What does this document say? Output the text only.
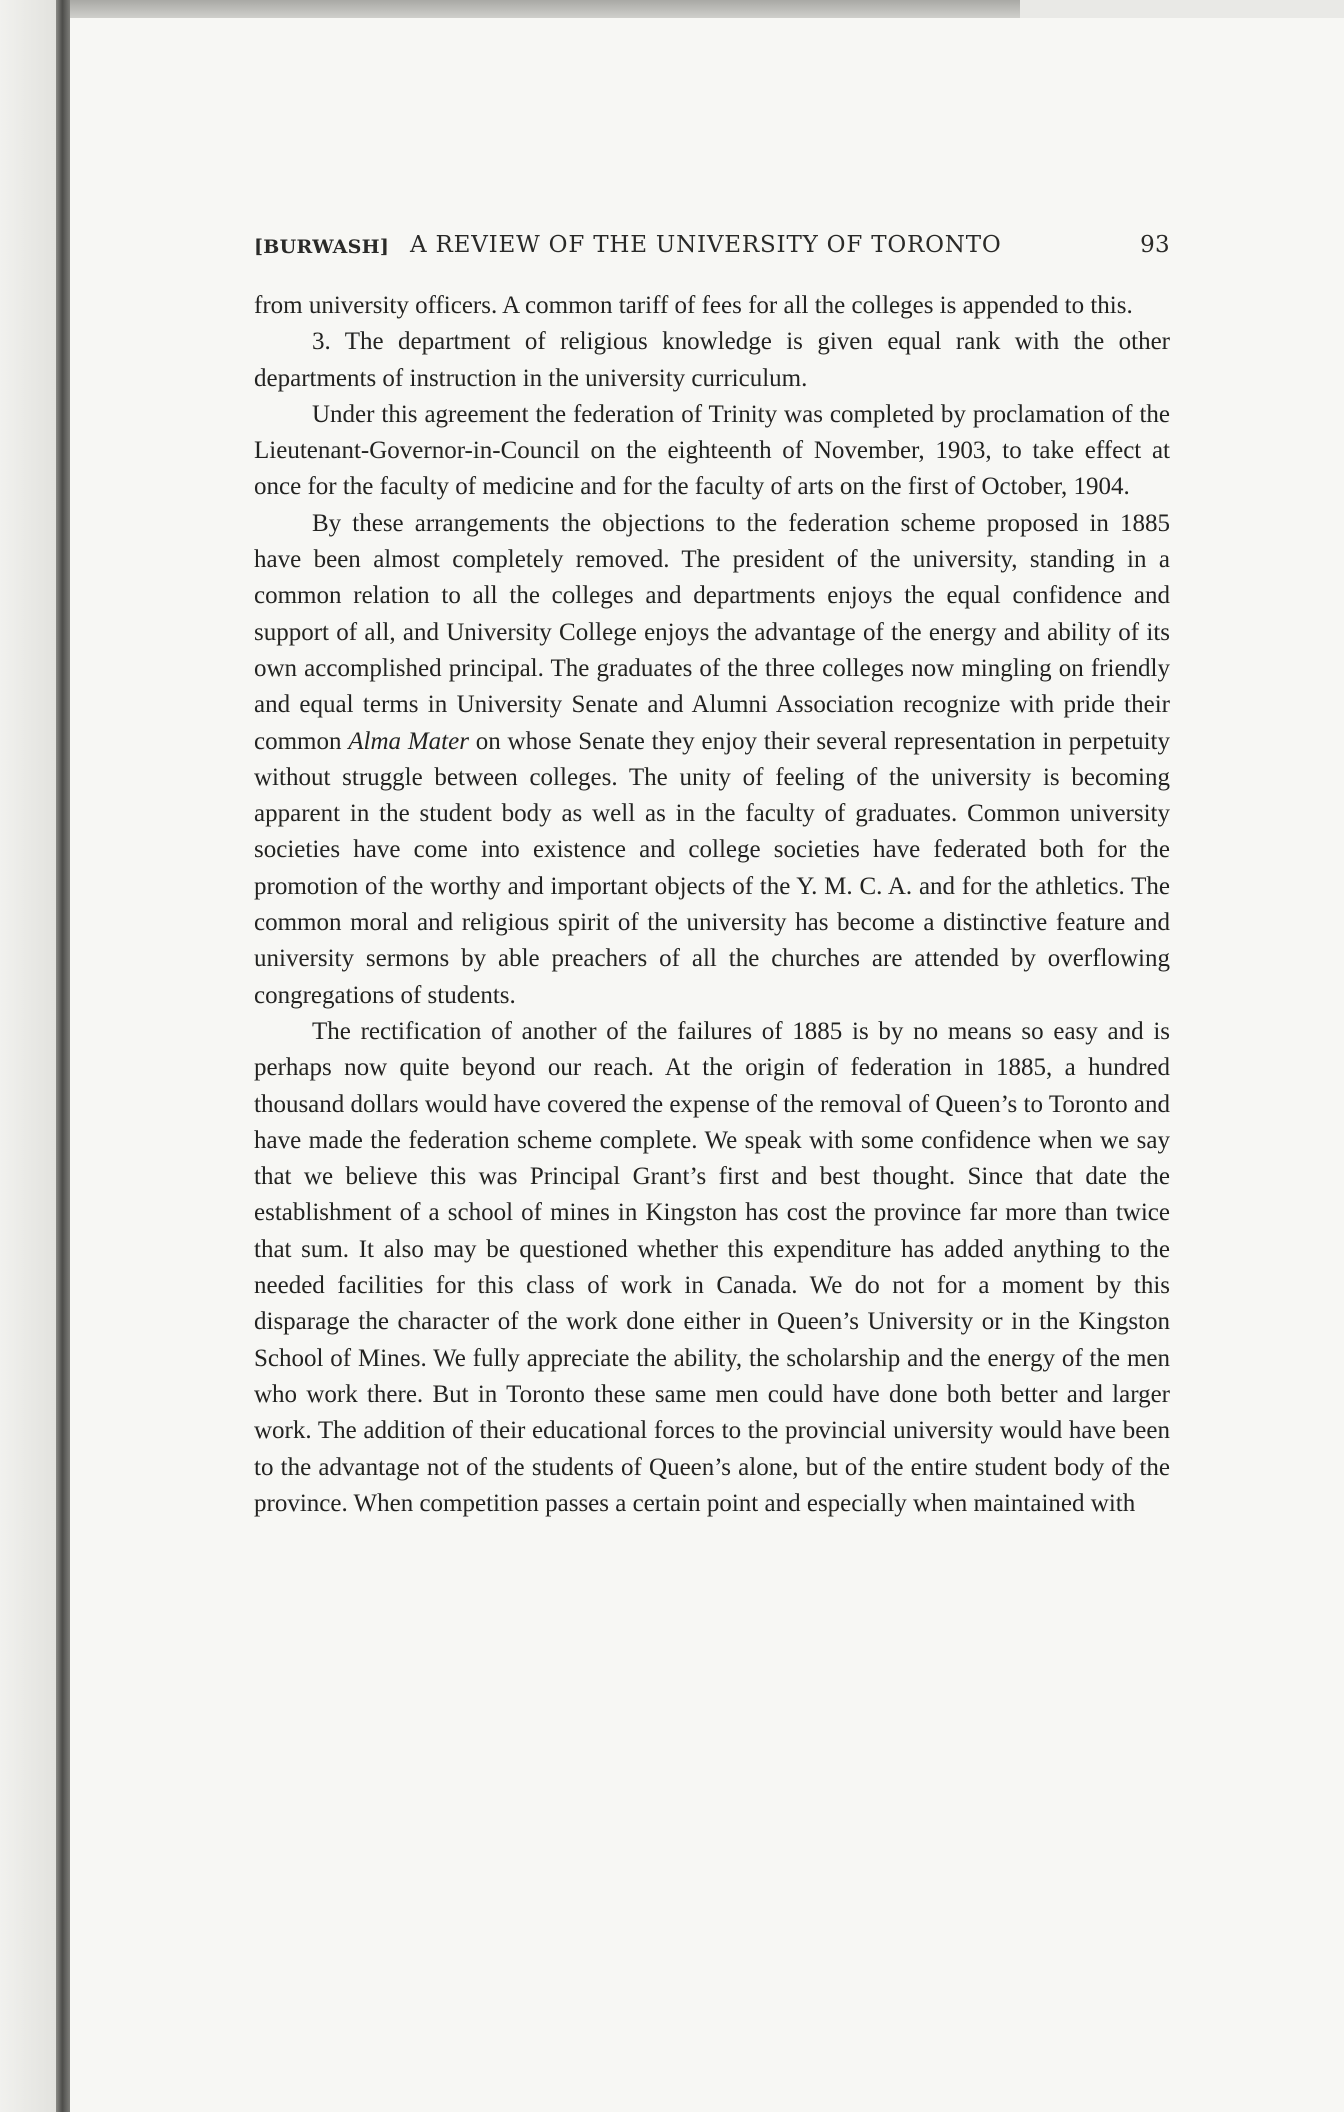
[BURWASH] A REVIEW OF THE UNIVERSITY OF TORONTO	93

from university officers. A common tariff of fees for all the colleges is appended to this.

3. The department of religious knowledge is given equal rank with the other departments of instruction in the university curriculum.

Under this agreement the federation of Trinity was completed by proclamation of the Lieutenant-Governor-in-Council on the eighteenth of November, 1903, to take effect at once for the faculty of medicine and for the faculty of arts on the first of October, 1904.

By these arrangements the objections to the federation scheme proposed in 1885 have been almost completely removed. The president of the university, standing in a common relation to all the colleges and departments enjoys the equal confidence and support of all, and University College enjoys the advantage of the energy and ability of its own accomplished principal. The graduates of the three colleges now mingling on friendly and equal terms in University Senate and Alumni Association recognize with pride their common Alma Mater on whose Senate they enjoy their several representation in perpetuity without struggle between colleges. The unity of feeling of the university is becoming apparent in the student body as well as in the faculty of graduates. Common university societies have come into existence and college societies have federated both for the promotion of the worthy and important objects of the Y. M. C. A. and for the athletics. The common moral and religious spirit of the university has become a distinctive feature and university sermons by able preachers of all the churches are attended by overflowing congregations of students.

The rectification of another of the failures of 1885 is by no means so easy and is perhaps now quite beyond our reach. At the origin of federation in 1885, a hundred thousand dollars would have covered the expense of the removal of Queen’s to Toronto and have made the federation scheme complete. We speak with some confidence when we say that we believe this was Principal Grant’s first and best thought. Since that date the establishment of a school of mines in Kingston has cost the province far more than twice that sum. It also may be questioned whether this expenditure has added anything to the needed facilities for this class of work in Canada. We do not for a moment by this disparage the character of the work done either in Queen’s University or in the Kingston School of Mines. We fully appreciate the ability, the scholarship and the energy of the men who work there. But in Toronto these same men could have done both better and larger work. The addition of their educational forces to the provincial university would have been to the advantage not of the students of Queen’s alone, but of the entire student body of the province. When competition passes a certain point and especially when maintained with
